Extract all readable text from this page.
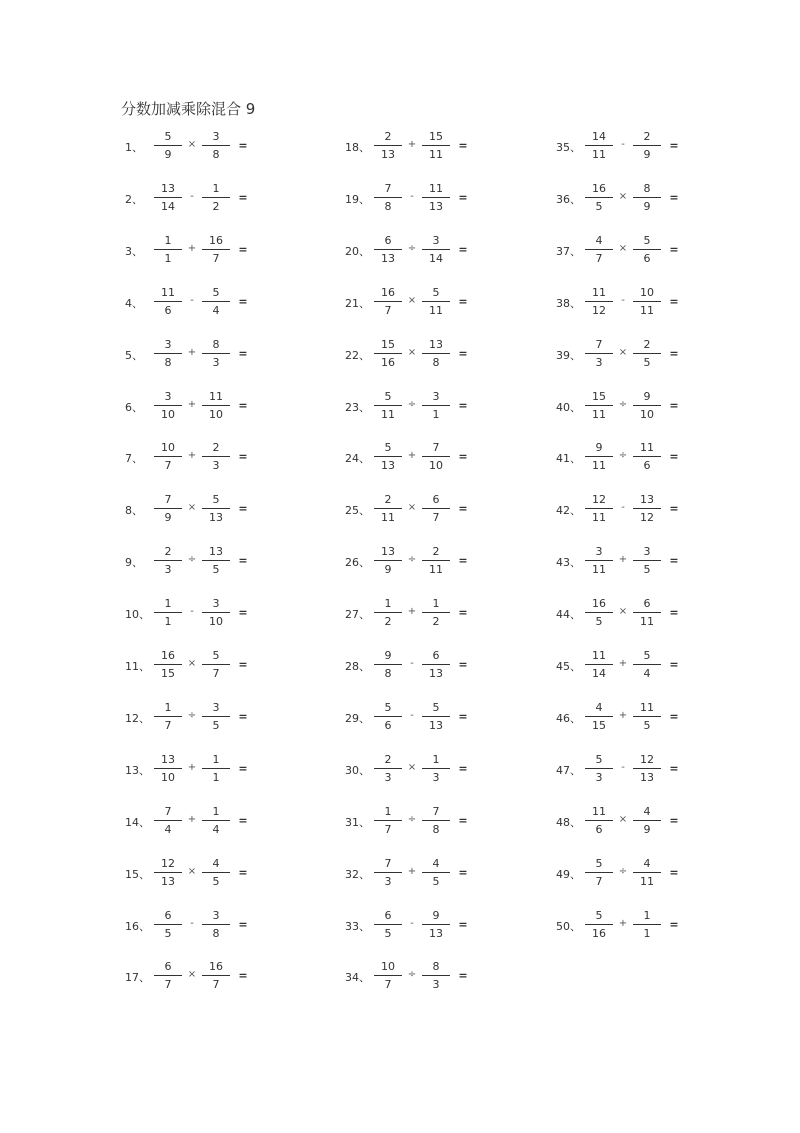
分数加减乘除混合 9
1、
5
9
×
3
8
=
2、
13
14
-
1
2
=
3、
1
1
+
16
7
=
4、
11
6
-
5
4
=
5、
3
8
+
8
3
=
6、
3
10
+
11
10
=
7、
10
7
+
2
3
=
8、
7
9
×
5
13
=
9、
2
3
÷
13
5
=
10、
1
1
-
3
10
=
11、
16
15
×
5
7
=
12、
1
7
÷
3
5
=
13、
13
10
+
1
1
=
14、
7
4
+
1
4
=
15、
12
13
×
4
5
=
16、
6
5
-
3
8
=
17、
6
7
×
16
7
=
18、
2
13
+
15
11
=
19、
7
8
-
11
13
=
20、
6
13
÷
3
14
=
21、
16
7
×
5
11
=
22、
15
16
×
13
8
=
23、
5
11
÷
3
1
=
24、
5
13
+
7
10
=
25、
2
11
×
6
7
=
26、
13
9
÷
2
11
=
27、
1
2
+
1
2
=
28、
9
8
-
6
13
=
29、
5
6
-
5
13
=
30、
2
3
×
1
3
=
31、
1
7
÷
7
8
=
32、
7
3
+
4
5
=
33、
6
5
-
9
13
=
34、
10
7
÷
8
3
=
35、
14
11
-
2
9
=
36、
16
5
×
8
9
=
37、
4
7
×
5
6
=
38、
11
12
-
10
11
=
39、
7
3
×
2
5
=
40、
15
11
÷
9
10
=
41、
9
11
÷
11
6
=
42、
12
11
-
13
12
=
43、
3
11
+
3
5
=
44、
16
5
×
6
11
=
45、
11
14
+
5
4
=
46、
4
15
+
11
5
=
47、
5
3
-
12
13
=
48、
11
6
×
4
9
=
49、
5
7
÷
4
11
=
50、
5
16
+
1
1
=
